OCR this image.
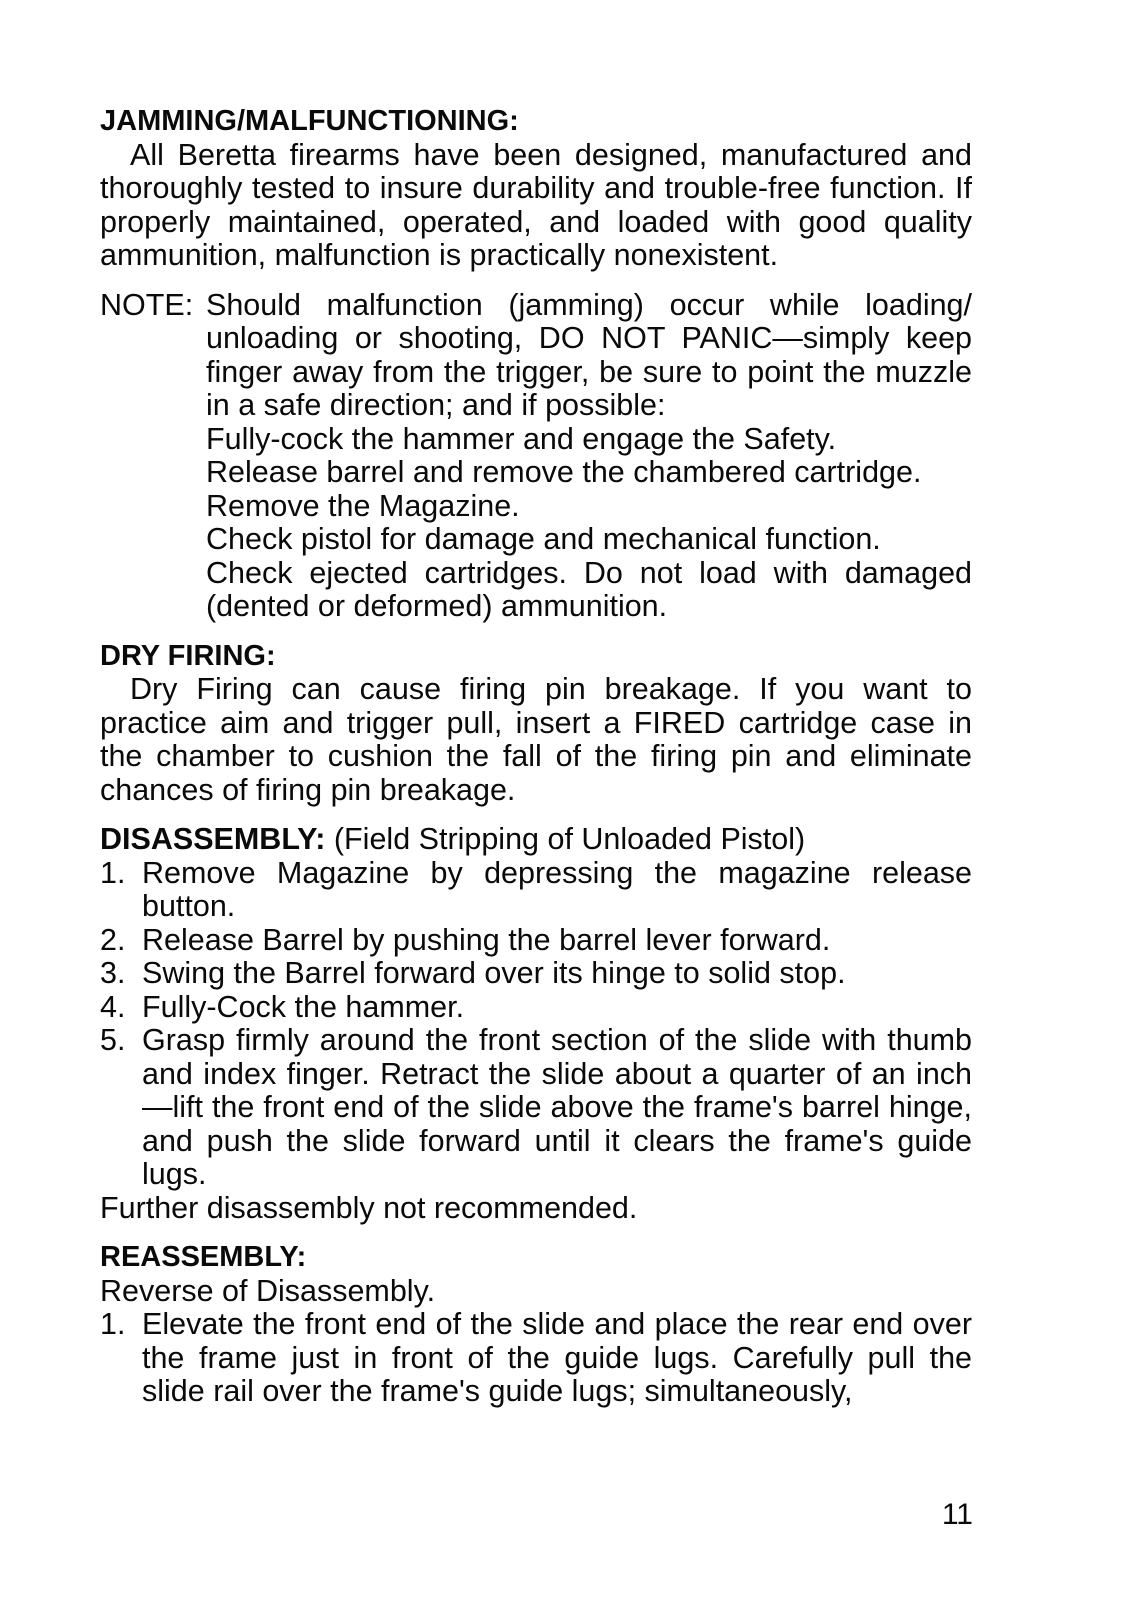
JAMMING/MALFUNCTIONING:

All Beretta firearms have been designed, manufactured and thoroughly tested to insure durability and trouble-free function. If properly maintained, operated, and loaded with good quality ammunition, malfunction is practically nonexistent.

NOTE: Should malfunction (jamming) occur while loading/ unloading or shooting, DO NOT PANIC—simply keep finger away from the trigger, be sure to point the muzzle in a safe direction; and if possible:

Fully-cock the hammer and engage the Safety.

Release barrel and remove the chambered cartridge.

Remove the Magazine.

Check pistol for damage and mechanical function.

Check ejected cartridges. Do not load with damaged (dented or deformed) ammunition.

DRY FIRING:

Dry Firing can cause firing pin breakage. If you want to practice aim and trigger pull, insert a FIRED cartridge case in the chamber to cushion the fall of the firing pin and eliminate chances of firing pin breakage.

DISASSEMBLY: (Field Stripping of Unloaded Pistol)

1. Remove Magazine by depressing the magazine release button.
2. Release Barrel by pushing the barrel lever forward.
3. Swing the Barrel forward over its hinge to solid stop.
4. Fully-Cock the hammer.
5. Grasp firmly around the front section of the slide with thumb and index finger. Retract the slide about a quarter of an inch—lift the front end of the slide above the frame's barrel hinge, and push the slide forward until it clears the frame's guide lugs.

Further disassembly not recommended.

REASSEMBLY:

Reverse of Disassembly.

1. Elevate the front end of the slide and place the rear end over the frame just in front of the guide lugs. Carefully pull the slide rail over the frame's guide lugs; simultaneously,
11
